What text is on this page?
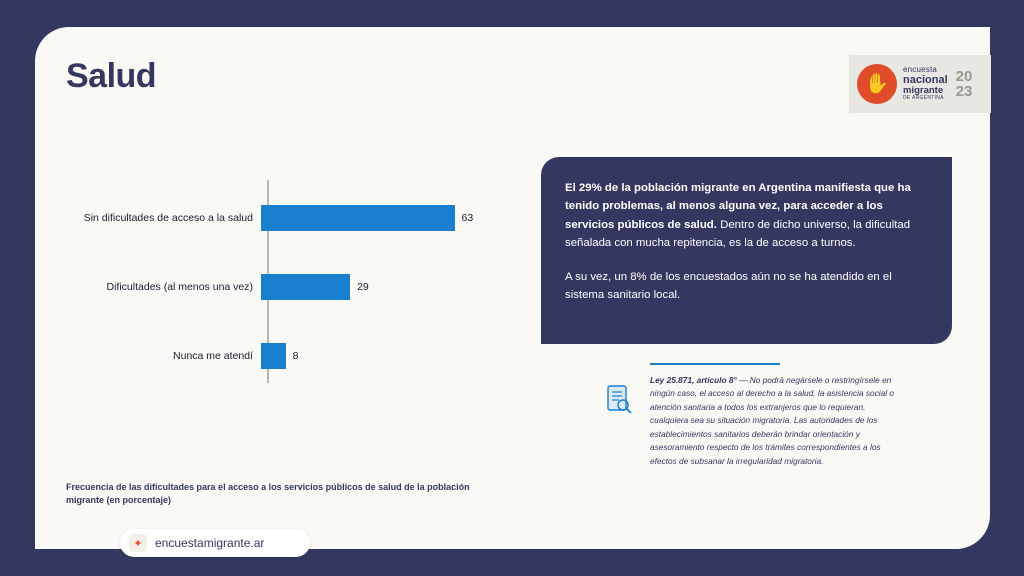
Salud	✋
encuesta
nacional
migrante
DE ARGENTINA
20
23
Sin dificultades de acceso a la salud	63
Dificultades (al menos una vez)	29
Nunca me atendí	8
Frecuencia de las dificultades para el acceso a los servicios públicos de salud de la población migrante (en porcentaje)
✦	encuestamigrante.ar

El 29% de la población migrante en Argentina manifiesta que ha tenido problemas, al menos alguna vez, para acceder a los servicios públicos de salud. Dentro de dicho universo, la dificultad señalada con mucha repitencia, es la de acceso a turnos.

A su vez, un 8% de los encuestados aún no se ha atendido en el sistema sanitario local.

Ley 25.871, artículo 8° — No podrá negársele o restringírsele en ningún caso, el acceso al derecho a la salud, la asistencia social o atención sanitaria a todos los extranjeros que lo requieran, cualquiera sea su situación migratoria. Las autoridades de los establecimientos sanitarios deberán brindar orientación y asesoramiento respecto de los trámites correspondientes a los efectos de subsanar la irregularidad migratoria.
